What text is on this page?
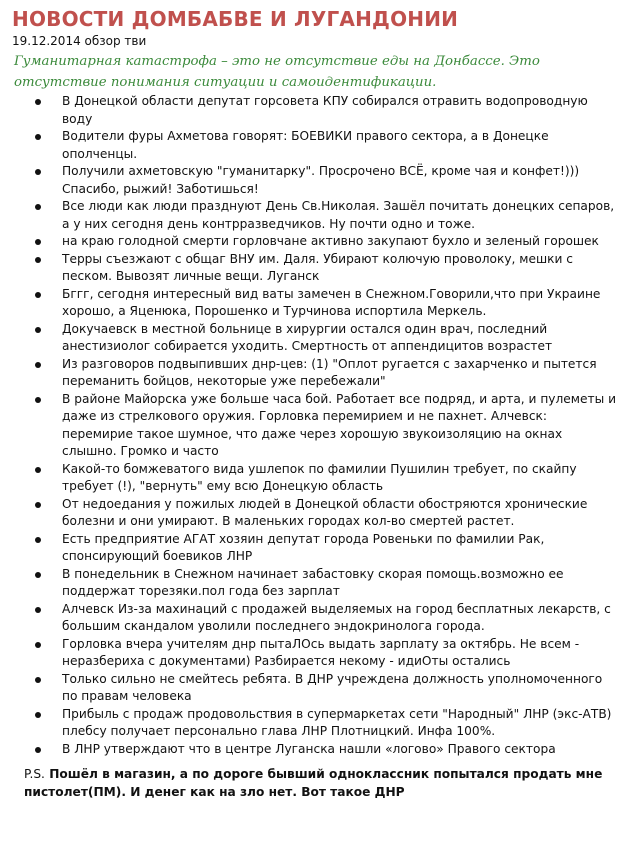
НОВОСТИ ДОМБАБВЕ И ЛУГАНДОНИИ
19.12.2014 обзор тви
Гуманитарная катастрофа – это не отсутствие еды на Донбассе. Это отсутствие понимания ситуации и самоидентификации.
В Донецкой области депутат горсовета КПУ собирался отравить водопроводную воду
Водители фуры Ахметова говорят: БОЕВИКИ правого сектора, а в Донецке ополченцы.
Получили ахметовскую "гуманитарку". Просрочено ВСЁ, кроме чая и конфет!))) Спасибо, рыжий! Заботишься!
Все люди как люди празднуют День Св.Николая. Зашёл почитать донецких сепаров, а у них сегодня день контрразведчиков. Ну почти одно и тоже.
на краю голодной смерти горловчане активно закупают бухло и зеленый горошек
Терры съезжают с общаг ВНУ им. Даля. Убирают колючую проволоку, мешки с песком. Вывозят личные вещи. Луганск
Бггг, сегодня интересный вид ваты замечен в Снежном.Говорили,что при Украине хорошо, а Яценюка, Порошенко и Турчинова испортила Меркель.
Докучаевск в местной больнице в хирургии остался один врач, последний анестизиолог собирается уходить. Смертность от аппендицитов возрастет
Из разговоров подвыпивших днр-цев: (1) "Оплот ругается с захарченко и пытется переманить бойцов, некоторые уже перебежали"
В районе Майорска уже больше часа бой. Работает все подряд, и арта, и пулеметы и даже из стрелкового оружия. Горловка перемирием и не пахнет. Алчевск: перемирие такое шумное, что даже через хорошую звукоизоляцию на окнах слышно. Громко и часто
Какой-то бомжеватого вида ушлепок по фамилии Пушилин требует, по скайпу требует (!), "вернуть" ему всю Донецкую область
От недоедания у пожилых людей в Донецкой области обостряются хронические болезни и они умирают. В маленьких городах кол-во смертей растет.
Есть предприятие АГАТ хозяин депутат города Ровеньки по фамилии Рак, спонсирующий боевиков ЛНР
В понедельник в Снежном начинает забастовку скорая помощь.возможно ее поддержат торезяки.пол года без зарплат
Алчевск Из-за махинаций с продажей выделяемых на город бесплатных лекарств, с большим скандалом уволили последнего эндокринолога города.
Горловка вчера учителям днр пытаЛОсь выдать зарплату за октябрь. Не всем - неразбериха с документами) Разбирается некому - идиОты остались
Только сильно не смейтесь ребята. В ДНР учреждена должность уполномоченного по правам человека
Прибыль с продаж продовольствия в супермаркетах сети "Народный" ЛНР (экс-АТВ) плебсу получает персонально глава ЛНР Плотницкий. Инфа 100%.
В ЛНР утверждают что в центре Луганска нашли «логово» Правого сектора
P.S. Пошёл в магазин, а по дороге бывший одноклассник попытался продать мне пистолет(ПМ). И денег как на зло нет. Вот такое ДНР
